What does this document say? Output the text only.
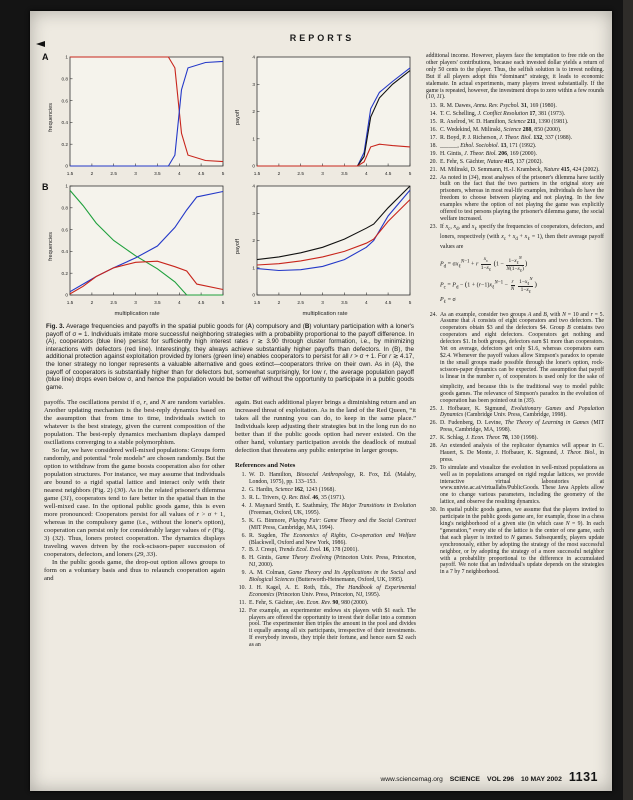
REPORTS
A
B
frequencies
0
0.2
0.4
0.6
0.8
1
1.5	2	2.5	3	3.5	4	4.5	5
payoff
0
1
2
3
4
1.5	2	2.5	3	3.5	4	4.5	5
frequencies
0
0.2
0.4
0.6
0.8
1
1.5	2	2.5	3	3.5	4	4.5	5
payoff
0
1
2
3
4
1.5	2	2.5	3	3.5	4	4.5	5
multiplication rate	multiplication rate
Fig. 3. Average frequencies and payoffs in the spatial public goods for (A) compulsory and (B) voluntary participation with a loner's payoff of σ = 1. Individuals imitate more successful neighboring strategies with a probability proportional to the payoff difference. In (A), cooperators (blue line) persist for sufficiently high interest rates r ≳ 3.90 through cluster formation, i.e., by minimizing interactions with defectors (red line). Interestingly, they always achieve substantially higher payoffs than defectors. In (B), the additional protection against exploitation provided by loners (green line) enables cooperators to persist for all r > σ + 1. For r ≳ 4.17, the loner strategy no longer represents a valuable alternative and goes extinct—cooperators thrive on their own. As in (A), the payoff of cooperators is substantially higher than for defectors but, somewhat surprisingly, for low r, the average population payoff (blue line) drops even below σ, and hence the population would be better off without the opportunity to participate in a public goods game.

payoffs. The oscillations persist if σ, r, and N are random variables. Another updating mechanism is the best-reply dynamics based on the assumption that from time to time, individuals switch to whatever is the best strategy, given the current composition of the population. The best-reply dynamics mechanism displays damped oscillations converging to a stable polymorphism.

So far, we have considered well-mixed populations: Groups form randomly, and potential “role models” are chosen randomly. But the option to withdraw from the game boosts cooperation also for other population structures. For instance, we may assume that individuals are bound to a rigid spatial lattice and interact only with their nearest neighbors (Fig. 2) (30). As in the related prisoner's dilemma game (31), cooperators tend to fare better in the spatial than in the well-mixed case. In the optional public goods game, this is even more pronounced: Cooperators persist for all values of r > σ + 1, whereas in the compulsory game (i.e., without the loner's option), cooperation can persist only for considerably larger values of r (Fig. 3) (32). Thus, loners protect cooperation. The dynamics displays traveling waves driven by the rock-scissors-paper succession of cooperators, defectors, and loners (29, 33).

In the public goods game, the drop-out option allows groups to form on a voluntary basis and thus to relaunch cooperation again and

again. But each additional player brings a diminishing return and an increased threat of exploitation. As in the land of the Red Queen, “it takes all the running you can do, to keep in the same place.” Individuals keep adjusting their strategies but in the long run do no better than if the public goods option had never existed. On the other hand, voluntary participation avoids the deadlock of mutual defection that threatens any public enterprise in larger groups.

References and Notes
1. W. D. Hamilton, Biosocial Anthropology, R. Fox, Ed. (Malaby, London, 1975), pp. 133–153.
2. G. Hardin, Science 162, 1243 (1968).
3. R. L. Trivers, Q. Rev. Biol. 46, 35 (1971).
4. J. Maynard Smith, E. Szathmáry, The Major Transitions in Evolution (Freeman, Oxford, UK, 1995).
5. K. G. Binmore, Playing Fair: Game Theory and the Social Contract (MIT Press, Cambridge, MA, 1994).
6. R. Sugden, The Economics of Rights, Co-operation and Welfare (Blackwell, Oxford and New York, 1986).
7. B. J. Crespi, Trends Ecol. Evol. 16, 178 (2001).
8. H. Gintis, Game Theory Evolving (Princeton Univ. Press, Princeton, NJ, 2000).
9. A. M. Colman, Game Theory and Its Applications in the Social and Biological Sciences (Butterworth-Heinemann, Oxford, UK, 1995).
10. J. H. Kagel, A. E. Roth, Eds., The Handbook of Experimental Economics (Princeton Univ. Press, Princeton, NJ, 1995).
11. E. Fehr, S. Gächter, Am. Econ. Rev. 90, 980 (2000).
12. For example, an experimenter endows six players with $1 each. The players are offered the opportunity to invest their dollar into a common pool. The experimenter then triples the amount in the pool and divides it equally among all six participants, irrespective of their investments. If everybody invests, they triple their fortune, and hence earn $2 each as an

additional income. However, players face the temptation to free ride on the other players' contributions, because each invested dollar yields a return of only 50 cents to the player. Thus, the selfish solution is to invest nothing. But if all players adopt this “dominant” strategy, it leads to economic stalemate. In actual experiments, many players invest substantially. If the game is repeated, however, the investment drops to zero within a few rounds (10, 11).

13. R. M. Dawes, Annu. Rev. Psychol. 31, 169 (1980).
14. T. C. Schelling, J. Conflict Resolution 17, 381 (1973).
15. R. Axelrod, W. D. Hamilton, Science 211, 1390 (1981).
16. C. Wedekind, M. Milinski, Science 288, 850 (2000).
17. R. Boyd, P. J. Richerson, J. Theor. Biol. 132, 337 (1988).
18. ______, Ethol. Sociobiol. 13, 171 (1992).
19. H. Gintis, J. Theor. Biol. 206, 169 (2000).
20. E. Fehr, S. Gächter, Nature 415, 137 (2002).
21. M. Milinski, D. Semmann, H.-J. Krambeck, Nature 415, 424 (2002).
22. As noted in (34), most analyses of the prisoner's dilemma have tacitly built on the fact that the two partners in the original story are prisoners, whereas in most real-life examples, individuals do have the freedom to choose between playing and not playing. In the few examples where the option of not playing the game was explicitly offered to test persons playing the prisoner's dilemma game, the social welfare increased.
23. If $x_c$, $x_d$, and $x_\ell$ specify the frequencies of cooperators, defectors, and loners, respectively (with $x_c + x_d + x_\ell = 1$), then their average payoff values are
$P_d = \sigma x_\ell^{N-1} + r$
$x_c$
$1-x_\ell$
(1 −
$1-x_\ell^N$
$N(1-x_\ell)$
)
$P_c = P_d - (1 + (r-1)x_\ell^{N-1} - \frac{r}{N}$
$1-x_\ell^N$
$1-x_\ell$
)
$P_\ell = \sigma$
24. As an example, consider two groups A and B, with N = 10 and r = 5. Assume that A consists of eight cooperators and two defectors. The cooperators obtain $3 and the defectors $4. Group B contains two cooperators and eight defectors. Cooperators get nothing and defectors $1. In both groups, defectors earn $1 more than cooperators. Yet on average, defectors get only $1.6, whereas cooperators earn $2.4. Whenever the payoff values allow Simpson's paradox to operate in the small groups made possible through the loner's option, rock-scissors-paper dynamics can be expected. The assumption that payoff is linear in the number $n_c$ of cooperators is used only for the sake of simplicity, and because this is the traditional way to model public goods games. The relevance of Simpson's paradox in the evolution of cooperation has been pointed out in (35).
25. J. Hofbauer, K. Sigmund, Evolutionary Games and Population Dynamics (Cambridge Univ. Press, Cambridge, 1998).
26. D. Fudenberg, D. Levine, The Theory of Learning in Games (MIT Press, Cambridge, MA, 1998).
27. K. Schlag, J. Econ. Theor. 78, 130 (1998).
28. An extended analysis of the replicator dynamics will appear in C. Hauert, S. De Monte, J. Hofbauer, K. Sigmund, J. Theor. Biol., in press.
29. To simulate and visualize the evolution in well-mixed populations as well as in populations arranged on rigid regular lattices, we provide interactive virtual laboratories at www.univie.ac.at/virtuallabs/PublicGoods. These Java Applets allow one to change various parameters, including the geometry of the lattice, and observe the resulting dynamics.
30. In spatial public goods games, we assume that the players invited to participate in the public goods game are, for example, those in a chess king's neighborhood of a given site (in which case N = 9). In each “generation,” every site of the lattice is the center of one game, such that each player is invited to N games. Subsequently, players update synchronously, either by adopting the strategy of the most successful neighbor, or by adopting the strategy of a more successful neighbor with a probability proportional to the difference in accumulated payoff. We note that an individual's update depends on the strategies in a 7 by 7 neighborhood.
www.sciencemag.org SCIENCE VOL 296 10 MAY 2002 1131
